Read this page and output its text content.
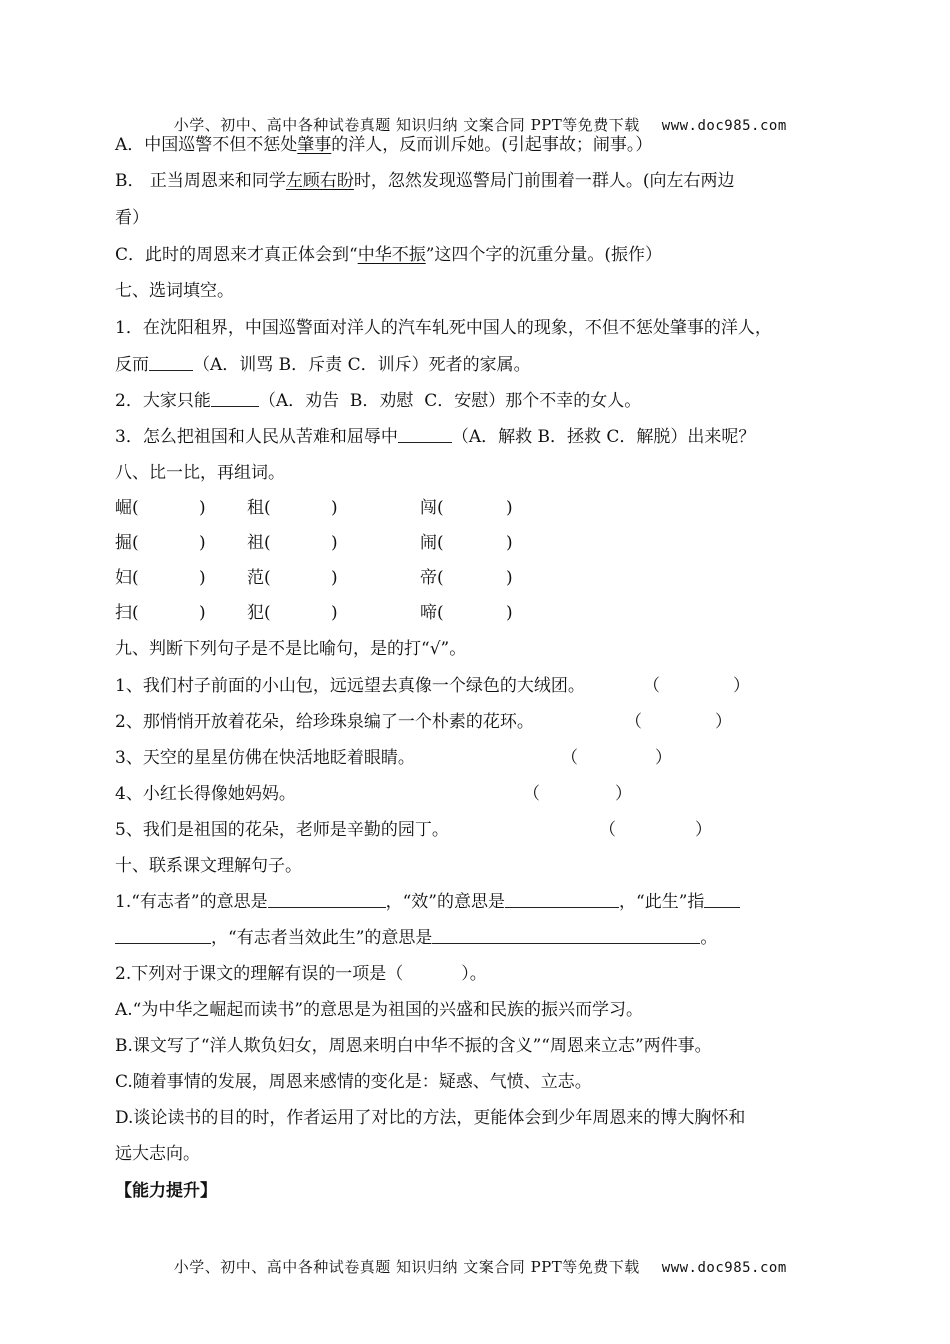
小学、初中、高中各种试卷真题 知识归纳 文案合同 PPT等免费下载 www.doc985.com

A．中国巡警不但不惩处肇事的洋人，反而训斥她。(引起事故；闹事。）
B． 正当周恩来和同学左顾右盼时，忽然发现巡警局门前围着一群人。(向左右两边
看）
C．此时的周恩来才真正体会到“中华不振”这四个字的沉重分量。(振作）
七、选词填空。
1．在沈阳租界，中国巡警面对洋人的汽车轧死中国人的现象，不但不惩处肇事的洋人，
反而	（A．训骂 B．斥责 C．训斥）死者的家属。
2．大家只能	（A．劝告  B．劝慰  C．安慰）那个不幸的女人。
3．怎么把祖国和人民从苦难和屈辱中	（A．解救 B．拯救 C．解脱）出来呢？
八、比一比，再组词。
崛(	) 租(	)	闯(	)
掘(	) 祖(	)	闹(	)
妇(	) 范(	)	帝(	)
扫(	) 犯(	)	啼(	)
九、判断下列句子是不是比喻句，是的打“√”。
1、我们村子前面的小山包，远远望去真像一个绿色的大绒团。	（	）
2、那悄悄开放着花朵，给珍珠泉编了一个朴素的花环。	（	）
3、天空的星星仿佛在快活地眨着眼睛。	（	）
4、小红长得像她妈妈。	（	）
5、我们是祖国的花朵，老师是辛勤的园丁。	（	）
十、联系课文理解句子。
1.“有志者”的意思是	，“效”的意思是	，“此生”指
，“有志者当效此生”的意思是	。
2.下列对于课文的理解有误的一项是（	）。
A.“为中华之崛起而读书”的意思是为祖国的兴盛和民族的振兴而学习。
B.课文写了“洋人欺负妇女，周恩来明白中华不振的含义”“周恩来立志”两件事。
C.随着事情的发展，周恩来感情的变化是：疑惑、气愤、立志。
D.谈论读书的目的时，作者运用了对比的方法，更能体会到少年周恩来的博大胸怀和
远大志向。
【能力提升】

小学、初中、高中各种试卷真题 知识归纳 文案合同 PPT等免费下载 www.doc985.com
